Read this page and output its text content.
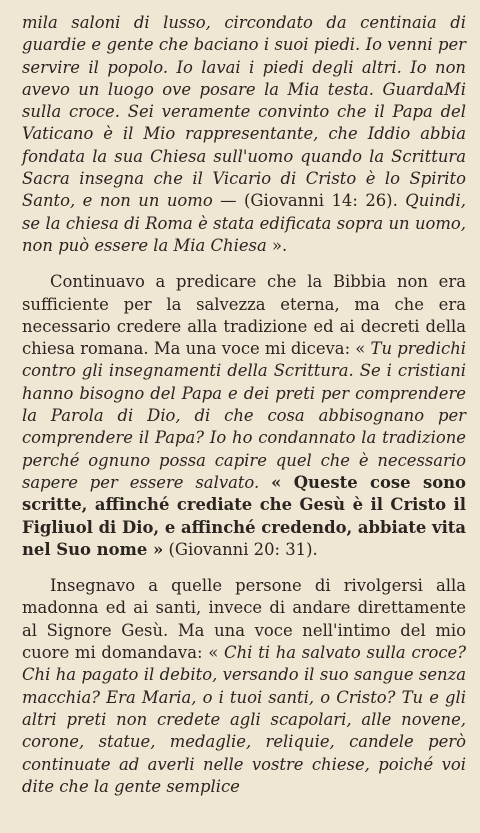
mila saloni di lusso, circondato da centinaia di guardie e gente che baciano i suoi piedi. Io venni per servire il popolo. Io lavai i piedi degli altri. Io non avevo un luogo ove posare la Mia testa. GuardaMi sulla croce. Sei veramente convinto che il Papa del Vaticano è il Mio rappresentante, che Iddio abbia fondata la sua Chiesa sull'uomo quando la Scrittura Sacra insegna che il Vicario di Cristo è lo Spirito Santo, e non un uomo — (Giovanni 14: 26). Quindi, se la chiesa di Roma è stata edificata sopra un uomo, non può essere la Mia Chiesa ».

Continuavo a predicare che la Bibbia non era sufficiente per la salvezza eterna, ma che era necessario credere alla tradizione ed ai decreti della chiesa romana. Ma una voce mi diceva: « Tu predichi contro gli insegnamenti della Scrittura. Se i cristiani hanno bisogno del Papa e dei preti per comprendere la Parola di Dio, di che cosa abbisognano per comprendere il Papa? Io ho condannato la tradizione perché ognuno possa capire quel che è necessario sapere per essere salvato. « Queste cose sono scritte, affinché crediate che Gesù è il Cristo il Figliuol di Dio, e affinché credendo, abbiate vita nel Suo nome » (Giovanni 20: 31).

Insegnavo a quelle persone di rivolgersi alla madonna ed ai santi, invece di andare direttamente al Signore Gesù. Ma una voce nell'intimo del mio cuore mi domandava: « Chi ti ha salvato sulla croce? Chi ha pagato il debito, versando il suo sangue senza macchia? Era Maria, o i tuoi santi, o Cristo? Tu e gli altri preti non credete agli scapolari, alle novene, corone, statue, medaglie, reliquie, candele però continuate ad averli nelle vostre chiese, poiché voi dite che la gente semplice
